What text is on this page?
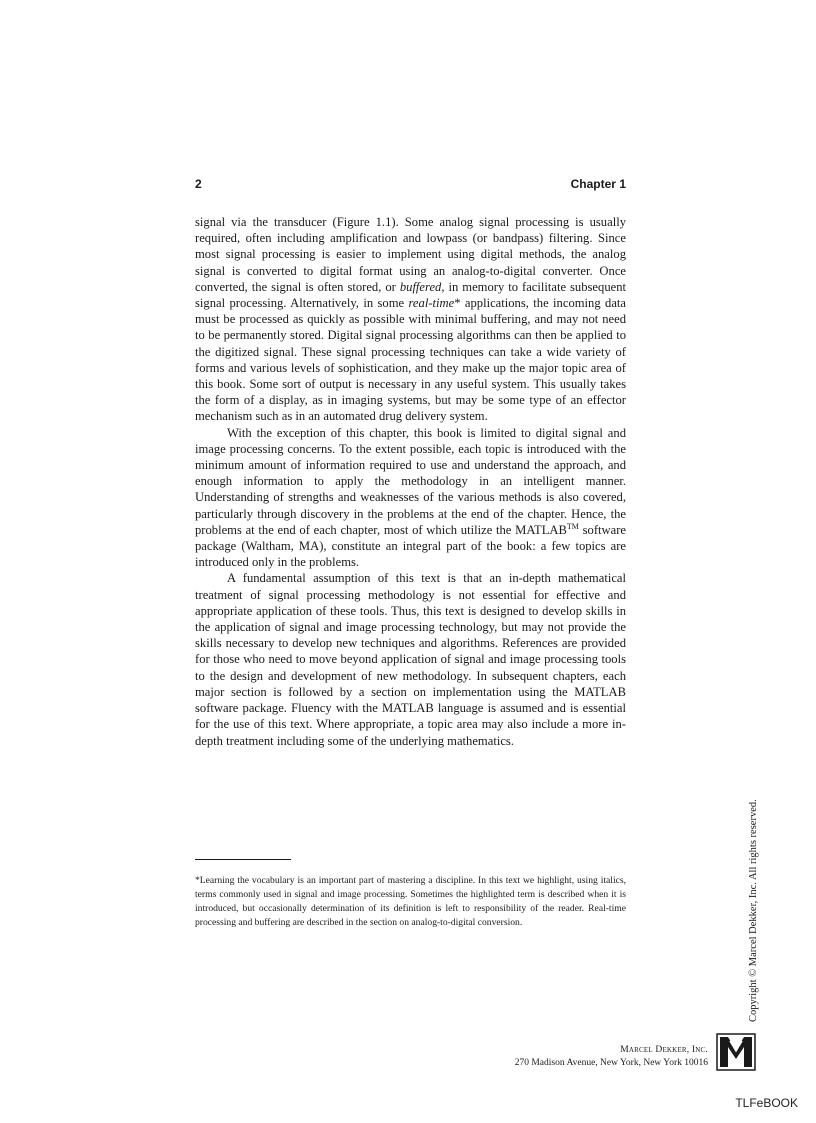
2	Chapter 1

signal via the transducer (Figure 1.1). Some analog signal processing is usually required, often including amplification and lowpass (or bandpass) filtering. Since most signal processing is easier to implement using digital methods, the analog signal is converted to digital format using an analog-to-digital converter. Once converted, the signal is often stored, or buffered, in memory to facilitate subsequent signal processing. Alternatively, in some real-time* applications, the incoming data must be processed as quickly as possible with minimal buffering, and may not need to be permanently stored. Digital signal processing algorithms can then be applied to the digitized signal. These signal processing techniques can take a wide variety of forms and various levels of sophistication, and they make up the major topic area of this book. Some sort of output is necessary in any useful system. This usually takes the form of a display, as in imaging systems, but may be some type of an effector mechanism such as in an automated drug delivery system.

With the exception of this chapter, this book is limited to digital signal and image processing concerns. To the extent possible, each topic is introduced with the minimum amount of information required to use and understand the approach, and enough information to apply the methodology in an intelligent manner. Understanding of strengths and weaknesses of the various methods is also covered, particularly through discovery in the problems at the end of the chapter. Hence, the problems at the end of each chapter, most of which utilize the MATLAB™ software package (Waltham, MA), constitute an integral part of the book: a few topics are introduced only in the problems.

A fundamental assumption of this text is that an in-depth mathematical treatment of signal processing methodology is not essential for effective and appropriate application of these tools. Thus, this text is designed to develop skills in the application of signal and image processing technology, but may not provide the skills necessary to develop new techniques and algorithms. References are provided for those who need to move beyond application of signal and image processing tools to the design and development of new methodology. In subsequent chapters, each major section is followed by a section on implementation using the MATLAB software package. Fluency with the MATLAB language is assumed and is essential for the use of this text. Where appropriate, a topic area may also include a more in-depth treatment including some of the underlying mathematics.

*Learning the vocabulary is an important part of mastering a discipline. In this text we highlight, using italics, terms commonly used in signal and image processing. Sometimes the highlighted term is described when it is introduced, but occasionally determination of its definition is left to responsibility of the reader. Real-time processing and buffering are described in the section on analog-to-digital conversion.	Copyright © Marcel Dekker, Inc. All rights reserved.
Marcel Dekker, Inc.
270 Madison Avenue, New York, New York 10016
TLFeBOOK
